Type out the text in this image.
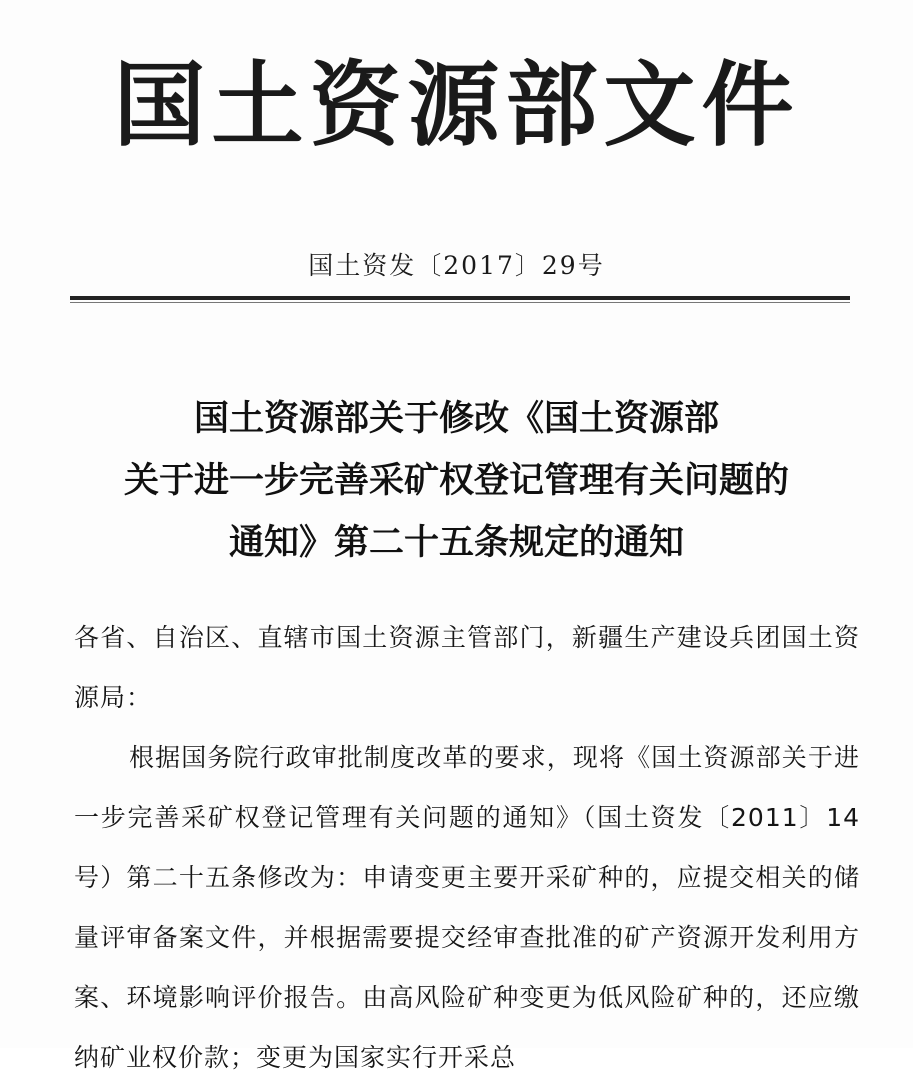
国土资源部文件
国土资发〔2017〕29号
国土资源部关于修改《国土资源部
关于进一步完善采矿权登记管理有关问题的
通知》第二十五条规定的通知

各省、自治区、直辖市国土资源主管部门，新疆生产建设兵团国土资源局：

根据国务院行政审批制度改革的要求，现将《国土资源部关于进一步完善采矿权登记管理有关问题的通知》（国土资发〔2011〕14号）第二十五条修改为：申请变更主要开采矿种的，应提交相关的储量评审备案文件，并根据需要提交经审查批准的矿产资源开发利用方案、环境影响评价报告。由高风险矿种变更为低风险矿种的，还应缴纳矿业权价款；变更为国家实行开采总
